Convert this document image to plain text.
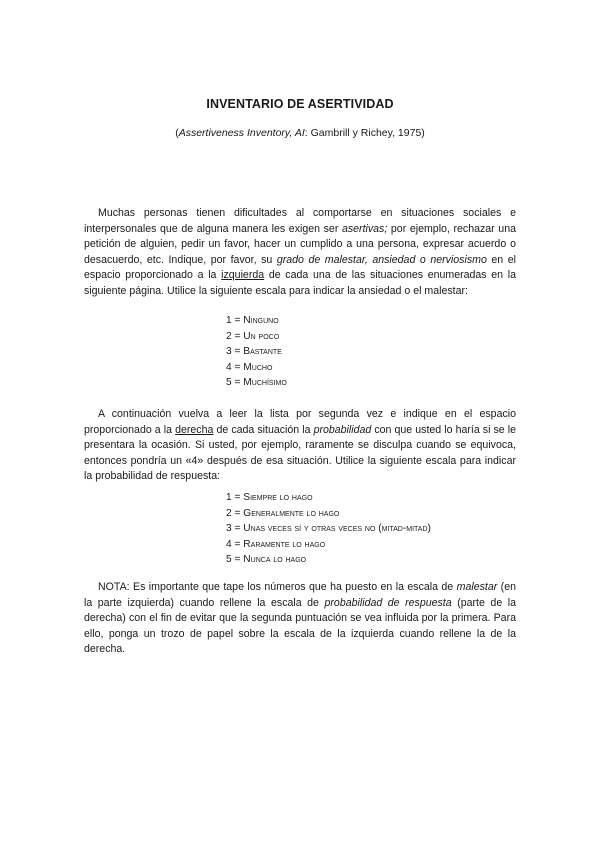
INVENTARIO DE ASERTIVIDAD
(Assertiveness Inventory, AI: Gambrill y Richey, 1975)

Muchas personas tienen dificultades al comportarse en situaciones sociales e interpersonales que de alguna manera les exigen ser asertivas; por ejemplo, rechazar una petición de alguien, pedir un favor, hacer un cumplido a una persona, expresar acuerdo o desacuerdo, etc. Indique, por favor, su grado de malestar, ansiedad o nerviosismo en el espacio proporcionado a la izquierda de cada una de las situaciones enumeradas en la siguiente página. Utilice la siguiente escala para indicar la ansiedad o el malestar:

1 = Ninguno
2 = Un poco
3 = Bastante
4 = Mucho
5 = Muchísimo

A continuación vuelva a leer la lista por segunda vez e indique en el espacio proporcionado a la derecha de cada situación la probabilidad con que usted lo haría si se le presentara la ocasión. Si usted, por ejemplo, raramente se disculpa cuando se equivoca, entonces pondría un «4» después de esa situación. Utilice la siguiente escala para indicar la probabilidad de respuesta:

1 = Siempre lo hago
2 = Generalmente lo hago
3 = Unas veces sí y otras veces no (mitad-mitad)
4 = Raramente lo hago
5 = Nunca lo hago

NOTA: Es importante que tape los números que ha puesto en la escala de malestar (en la parte izquierda) cuando rellene la escala de probabilidad de respuesta (parte de la derecha) con el fin de evitar que la segunda puntuación se vea influida por la primera. Para ello, ponga un trozo de papel sobre la escala de la izquierda cuando rellene la de la derecha.
